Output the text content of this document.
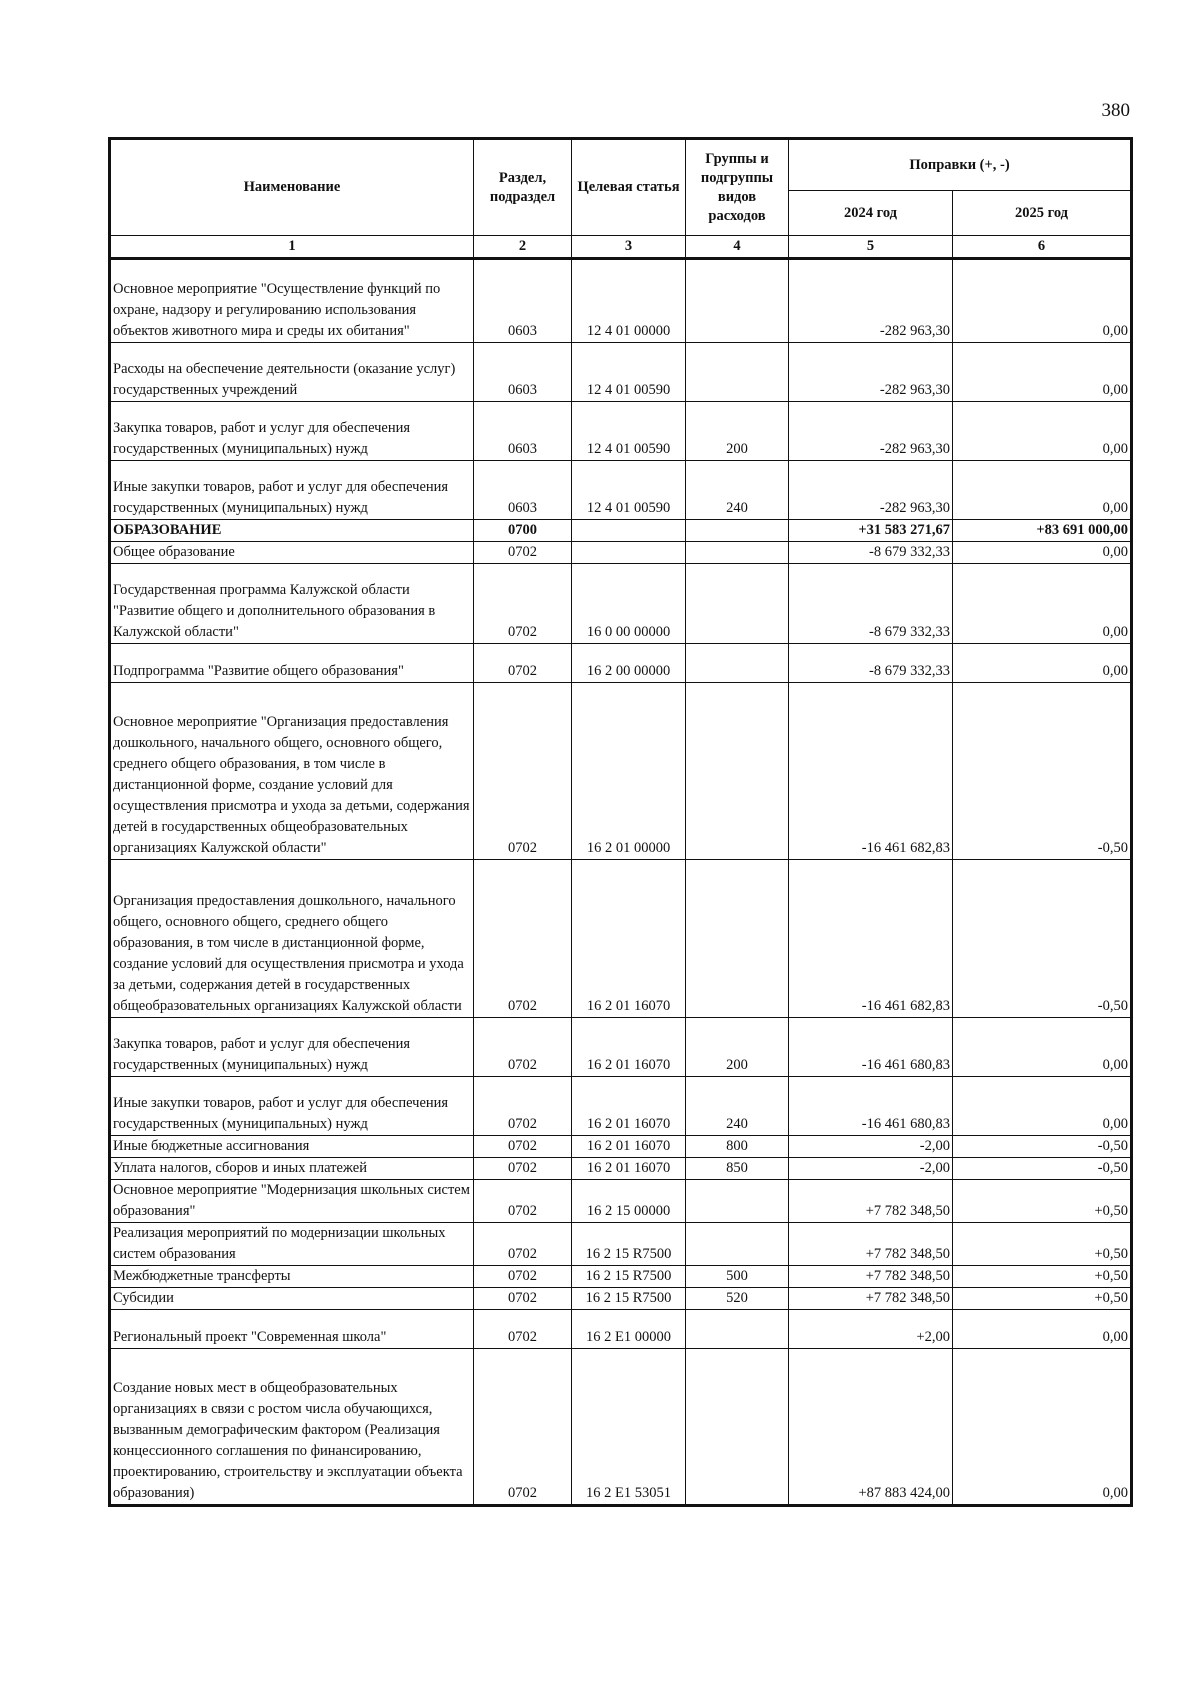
380
Наименование	Раздел, подраздел	Целевая статья	Группы и подгруппы видов расходов	Поправки (+, -)	
				2024 год	2025 год
1	2	3	4	5	6
Основное мероприятие "Осуществление функций по охране, надзору и регулированию использования объектов животного мира и среды их обитания"	0603	12 4 01 00000		-282 963,30	0,00
Расходы на обеспечение деятельности (оказание услуг) государственных учреждений	0603	12 4 01 00590		-282 963,30	0,00
Закупка товаров, работ и услуг для обеспечения государственных (муниципальных) нужд	0603	12 4 01 00590	200	-282 963,30	0,00
Иные закупки товаров, работ и услуг для обеспечения государственных (муниципальных) нужд	0603	12 4 01 00590	240	-282 963,30	0,00
ОБРАЗОВАНИЕ	0700			+31 583 271,67	+83 691 000,00
Общее образование	0702			-8 679 332,33	0,00
Государственная программа Калужской области "Развитие общего и дополнительного образования в Калужской области"	0702	16 0 00 00000		-8 679 332,33	0,00
Подпрограмма "Развитие общего образования"	0702	16 2 00 00000		-8 679 332,33	0,00
Основное мероприятие "Организация предоставления дошкольного, начального общего, основного общего, среднего общего образования, в том числе в дистанционной форме, создание условий для осуществления присмотра и ухода за детьми, содержания детей в государственных общеобразовательных организациях Калужской области"	0702	16 2 01 00000		-16 461 682,83	-0,50
Организация предоставления дошкольного, начального общего, основного общего, среднего общего образования, в том числе в дистанционной форме, создание условий для осуществления присмотра и ухода за детьми, содержания детей в государственных общеобразовательных организациях Калужской области	0702	16 2 01 16070		-16 461 682,83	-0,50
Закупка товаров, работ и услуг для обеспечения государственных (муниципальных) нужд	0702	16 2 01 16070	200	-16 461 680,83	0,00
Иные закупки товаров, работ и услуг для обеспечения государственных (муниципальных) нужд	0702	16 2 01 16070	240	-16 461 680,83	0,00
Иные бюджетные ассигнования	0702	16 2 01 16070	800	-2,00	-0,50
Уплата налогов, сборов и иных платежей	0702	16 2 01 16070	850	-2,00	-0,50
Основное мероприятие "Модернизация школьных систем образования"	0702	16 2 15 00000		+7 782 348,50	+0,50
Реализация мероприятий по модернизации школьных систем образования	0702	16 2 15 R7500		+7 782 348,50	+0,50
Межбюджетные трансферты	0702	16 2 15 R7500	500	+7 782 348,50	+0,50
Субсидии	0702	16 2 15 R7500	520	+7 782 348,50	+0,50
Региональный проект "Современная школа"	0702	16 2 E1 00000		+2,00	0,00
Создание новых мест в общеобразовательных организациях в связи с ростом числа обучающихся, вызванным демографическим фактором (Реализация концессионного соглашения по финансированию, проектированию, строительству и эксплуатации объекта образования)	0702	16 2 E1 53051		+87 883 424,00	0,00
